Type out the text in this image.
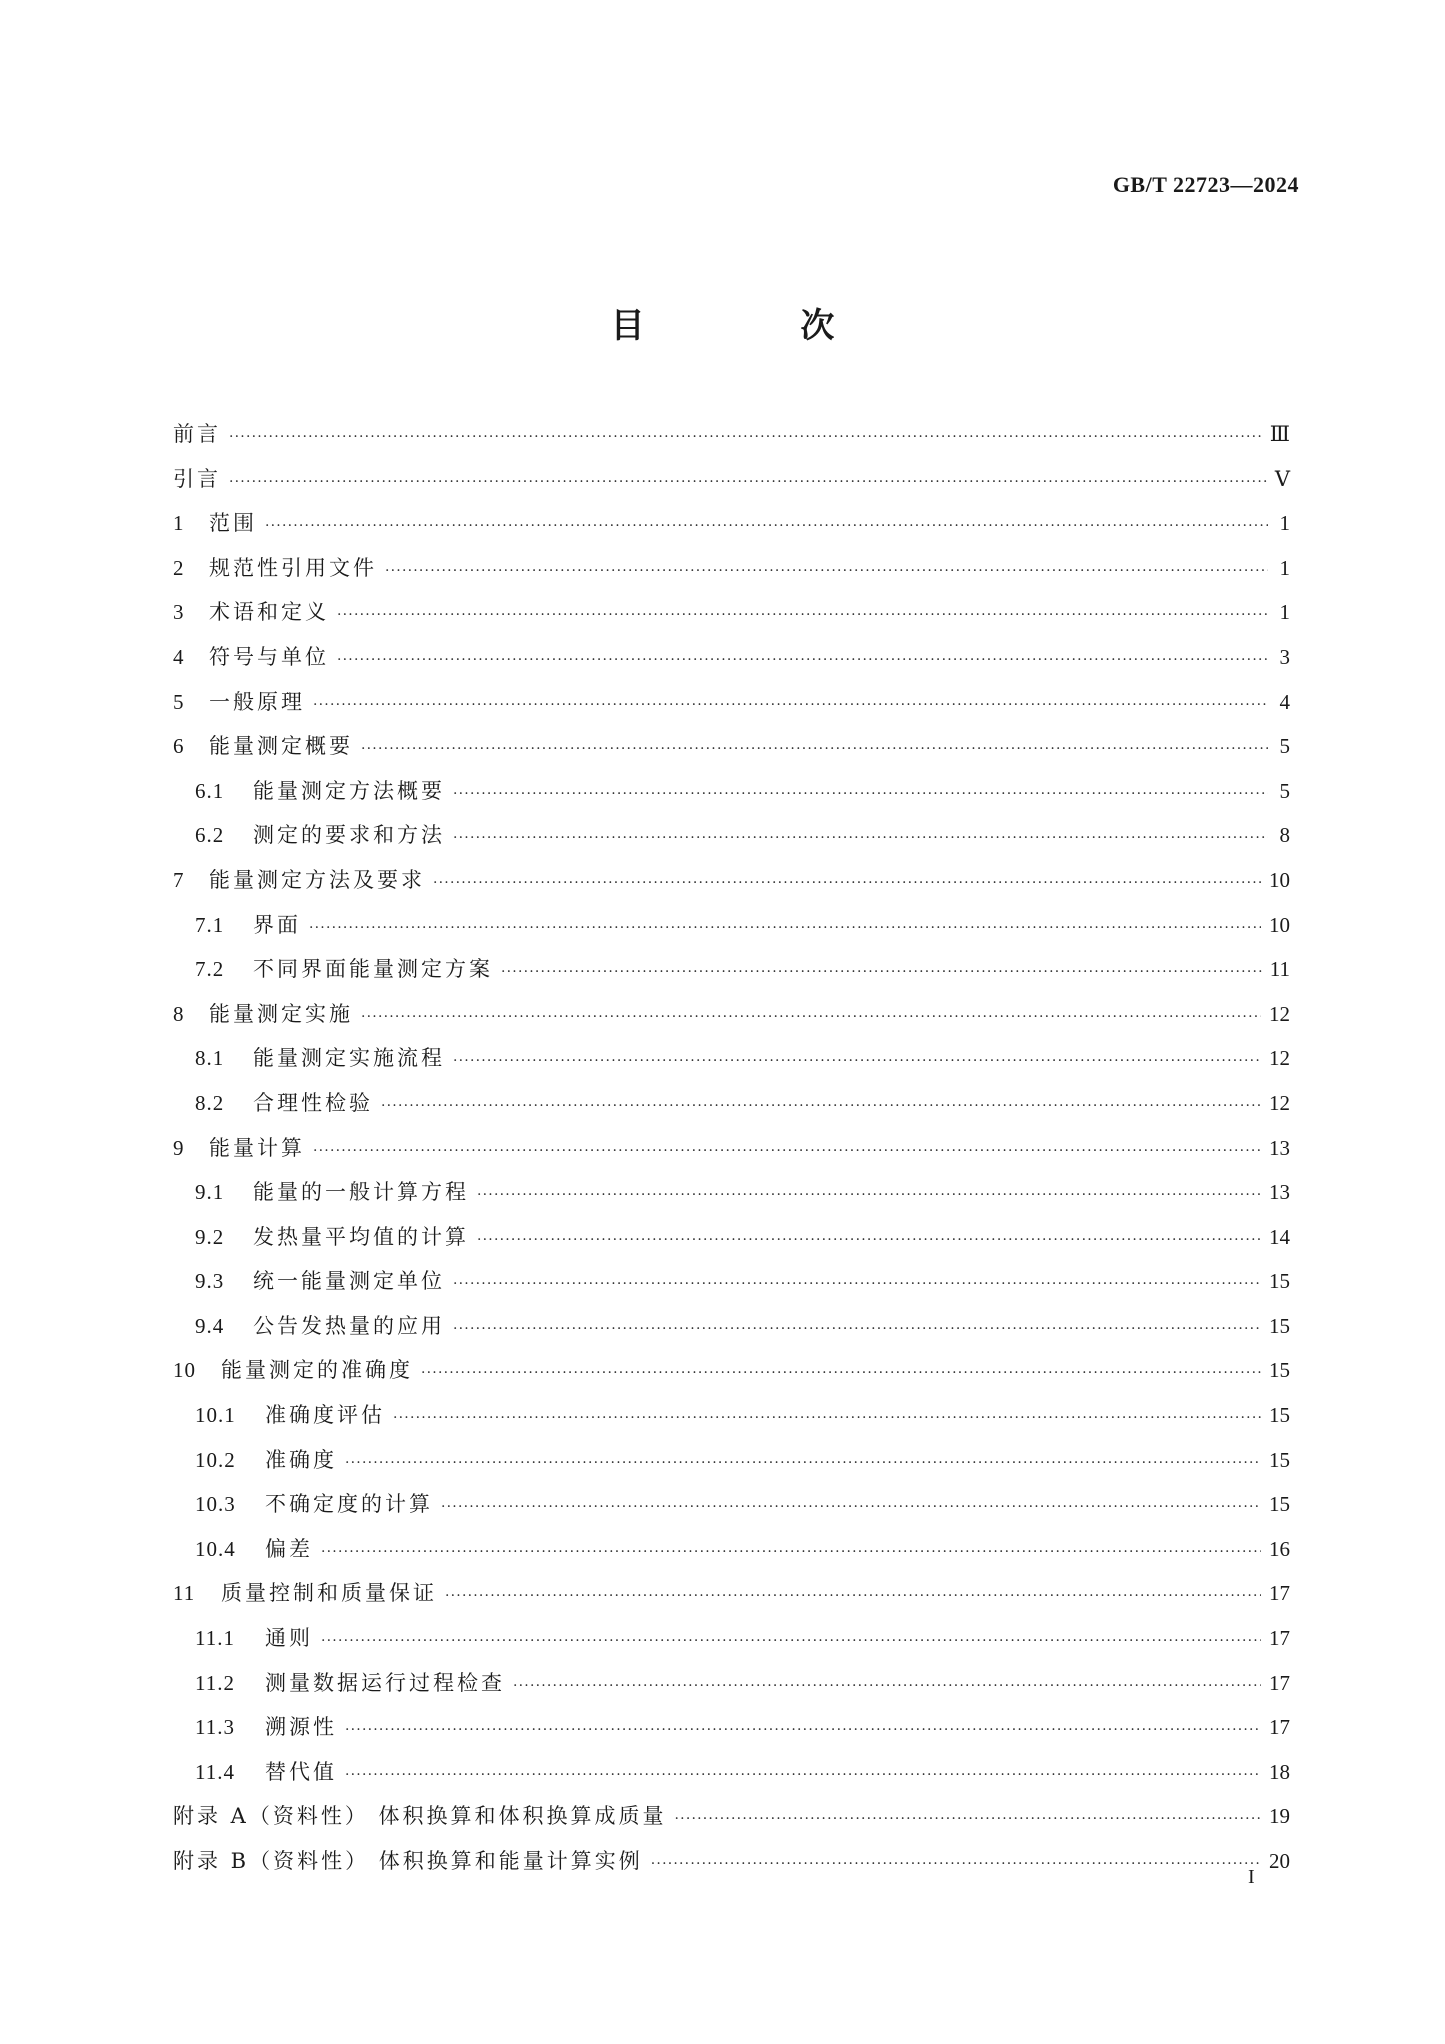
GB/T 22723—2024
目 次
前言 ·····	Ⅲ
引言 ·····	Ⅴ
1	范围 ·····	1
2	规范性引用文件 ·····	1
3	术语和定义 ·····	1
4	符号与单位 ·····	3
5	一般原理 ·····	4
6	能量测定概要 ·····	5
6.1	能量测定方法概要 ·····	5
6.2	测定的要求和方法 ·····	8
7	能量测定方法及要求 ·····	10
7.1	界面 ·····	10
7.2	不同界面能量测定方案 ·····	11
8	能量测定实施 ·····	12
8.1	能量测定实施流程 ·····	12
8.2	合理性检验 ·····	12
9	能量计算 ·····	13
9.1	能量的一般计算方程 ·····	13
9.2	发热量平均值的计算 ·····	14
9.3	统一能量测定单位 ·····	15
9.4	公告发热量的应用 ·····	15
10	能量测定的准确度 ·····	15
10.1	准确度评估 ·····	15
10.2	准确度 ·····	15
10.3	不确定度的计算 ·····	15
10.4	偏差 ·····	16
11	质量控制和质量保证 ·····	17
11.1	通则 ·····	17
11.2	测量数据运行过程检查 ·····	17
11.3	溯源性 ·····	17
11.4	替代值 ·····	18
附录 A（资料性） 体积换算和体积换算成质量 ·····	19
附录 B（资料性） 体积换算和能量计算实例 ·····	20
I
